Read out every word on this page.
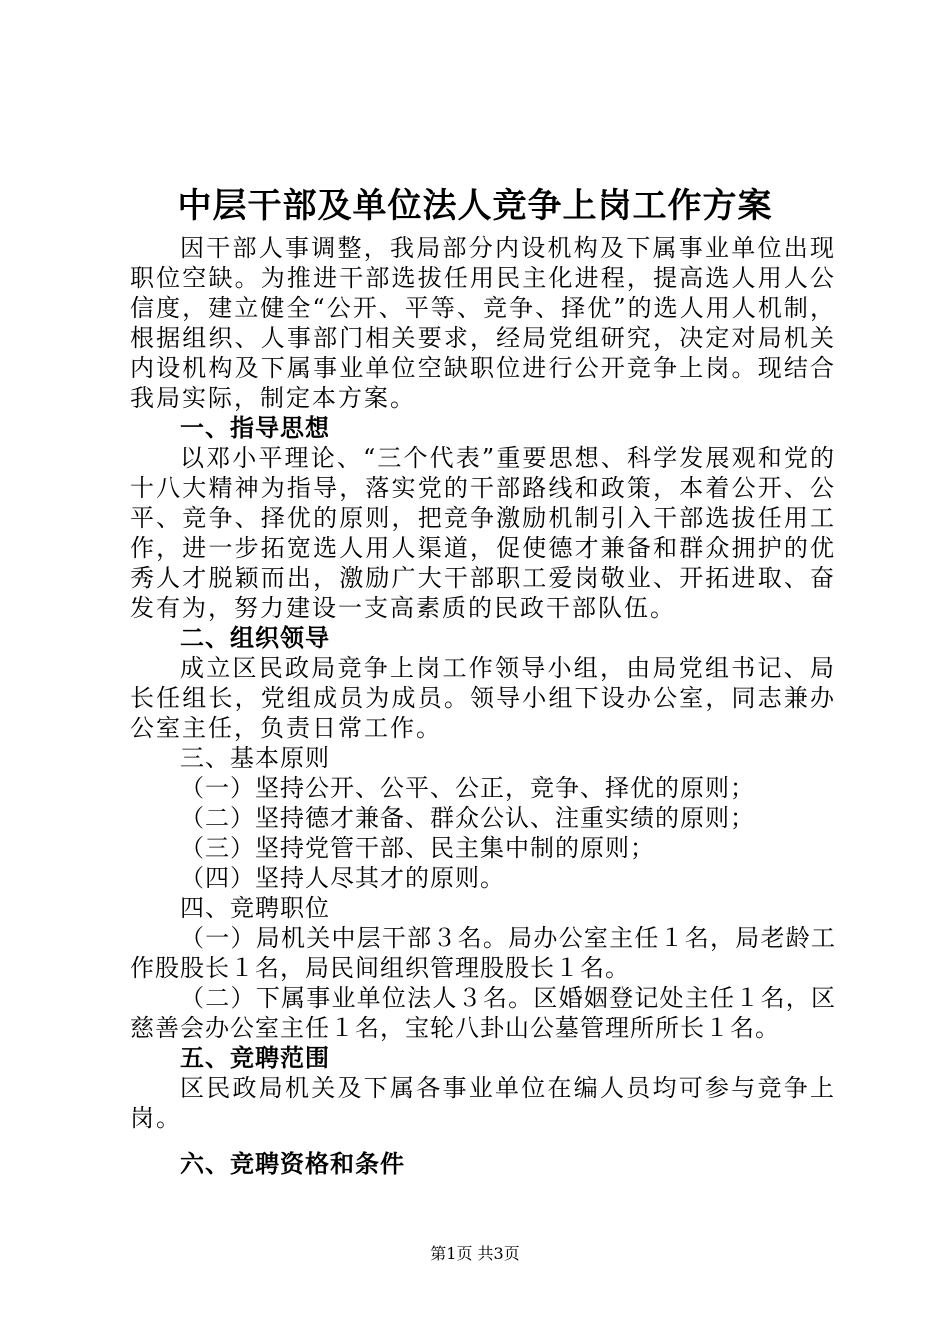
中层干部及单位法人竞争上岗工作方案

因干部人事调整，我局部分内设机构及下属事业单位出现职位空缺。为推进干部选拔任用民主化进程，提高选人用人公信度，建立健全“公开、平等、竞争、择优”的选人用人机制，根据组织、人事部门相关要求，经局党组研究，决定对局机关内设机构及下属事业单位空缺职位进行公开竞争上岗。现结合我局实际，制定本方案。

一、指导思想

以邓小平理论、“三个代表”重要思想、科学发展观和党的十八大精神为指导，落实党的干部路线和政策，本着公开、公平、竞争、择优的原则，把竞争激励机制引入干部选拔任用工作，进一步拓宽选人用人渠道，促使德才兼备和群众拥护的优秀人才脱颖而出，激励广大干部职工爱岗敬业、开拓进取、奋发有为，努力建设一支高素质的民政干部队伍。

二、组织领导

成立区民政局竞争上岗工作领导小组，由局党组书记、局长任组长，党组成员为成员。领导小组下设办公室，同志兼办公室主任，负责日常工作。

三、基本原则

（一）坚持公开、公平、公正，竞争、择优的原则；

（二）坚持德才兼备、群众公认、注重实绩的原则；

（三）坚持党管干部、民主集中制的原则；

（四）坚持人尽其才的原则。

四、竞聘职位

（一）局机关中层干部３名。局办公室主任１名，局老龄工作股股长１名，局民间组织管理股股长１名。

（二）下属事业单位法人３名。区婚姻登记处主任１名，区慈善会办公室主任１名，宝轮八卦山公墓管理所所长１名。

五、竞聘范围

区民政局机关及下属各事业单位在编人员均可参与竞争上岗。

六、竞聘资格和条件

第1页 共3页
